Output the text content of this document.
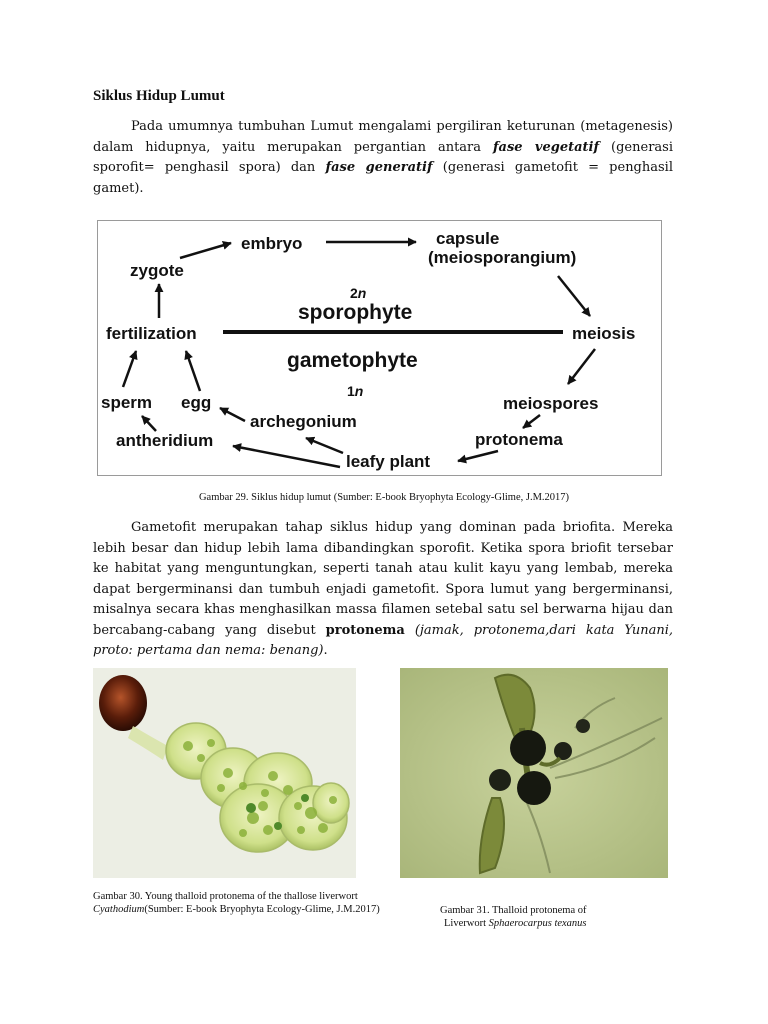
Siklus Hidup Lumut
Pada umumnya tumbuhan Lumut mengalami pergiliran keturunan (metagenesis) dalam hidupnya, yaitu merupakan pergantian antara fase vegetatif (generasi sporofit= penghasil spora) dan fase generatif (generasi gametofit = penghasil gamet).
embryo	capsule
(meiosporangium)
zygote
2n
sporophyte
fertilization	meiosis
gametophyte
1n
sperm egg	meiospores
archegonium
antheridium	protonema
leafy plant
Gambar 29. Siklus hidup lumut (Sumber: E-book Bryophyta Ecology-Glime, J.M.2017)
Gametofit merupakan tahap siklus hidup yang dominan pada briofita. Mereka lebih besar dan hidup lebih lama dibandingkan sporofit. Ketika spora briofit tersebar ke habitat yang menguntungkan, seperti tanah atau kulit kayu yang lembab, mereka dapat bergerminansi dan tumbuh enjadi gametofit. Spora lumut yang bergerminansi, misalnya secara khas menghasilkan massa filamen setebal satu sel berwarna hijau dan bercabang-cabang yang disebut protonema (jamak, protonema,dari kata Yunani, proto: pertama dan nema: benang).
Gambar 30. Young thalloid protonema of the thallose liverwort
Cyathodium(Sumber: E-book Bryophyta Ecology-Glime, J.M.2017)	Gambar 31. Thalloid protonema of
Liverwort Sphaerocarpus texanus
